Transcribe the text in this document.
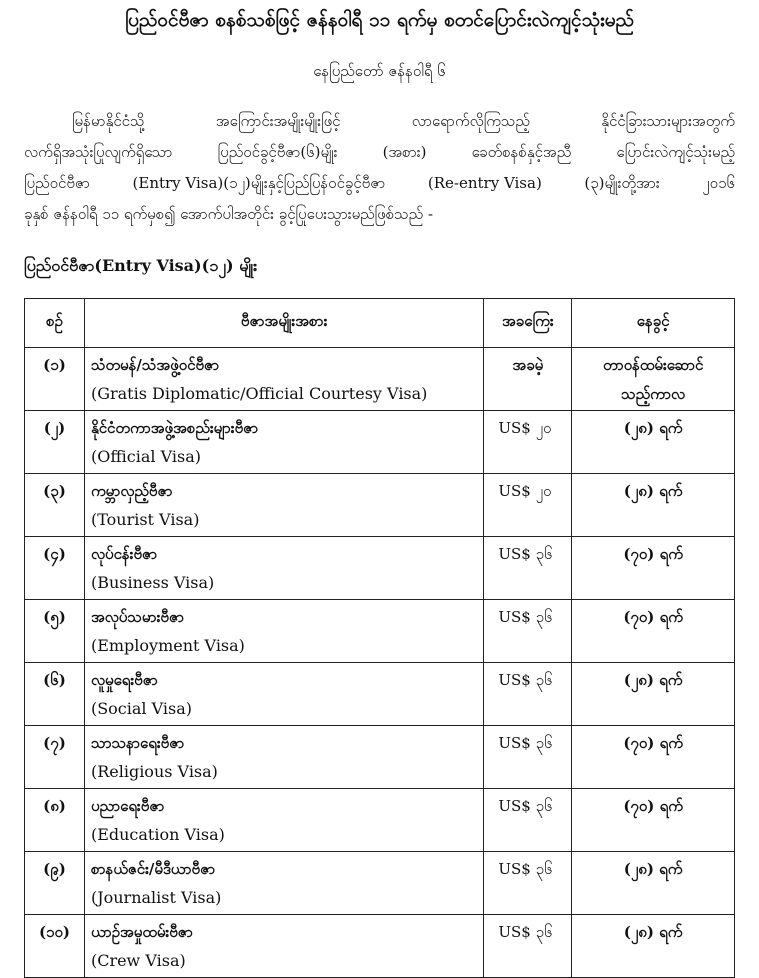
ပြည်ဝင်ဗီဇာ စနစ်သစ်ဖြင့် ဇန်နဝါရီ ၁၁ ရက်မှ စတင်ပြောင်းလဲကျင့်သုံးမည်
နေပြည်တော် ဇန်နဝါရီ ၆
မြန်မာနိုင်ငံသို့	အကြောင်းအမျိုးမျိုးဖြင့်	လာရောက်လိုကြသည့်	နိုင်ငံခြားသားများအတွက်
လက်ရှိအသုံးပြုလျက်ရှိသော	ပြည်ဝင်ခွင့်ဗီဇာ(၆)မျိုး	(အစား)	ခေတ်စနစ်နှင့်အညီ	ပြောင်းလဲကျင့်သုံးမည့်
ပြည်ဝင်ဗီဇာ	(Entry Visa)(၁၂)မျိုးနှင့်ပြည်ပြန်ဝင်ခွင့်ဗီဇာ	(Re-entry Visa)	(၃)မျိုးတို့အား	၂၀၁၆
ခုနှစ် ဇန်နဝါရီ ၁၁ ရက်မှစ၍ အောက်ပါအတိုင်း ခွင့်ပြုပေးသွားမည်ဖြစ်သည် -
ပြည်ဝင်ဗီဇာ(Entry Visa)(၁၂) မျိုး
စဉ်	ဗီဇာအမျိုးအစား	အခကြေး	နေခွင့်

(၁)	သံတမန်/သံအဖွဲ့ဝင်ဗီဇာ
(Gratis Diplomatic/Official Courtesy Visa)	အခမဲ့	တာဝန်ထမ်းဆောင်
သည့်ကာလ

(၂)	နိုင်ငံတကာအဖွဲ့အစည်းများဗီဇာ
(Official Visa)	US$ ၂၀	(၂၈) ရက်

(၃)	ကမ္ဘာလှည့်ဗီဇာ
(Tourist Visa)	US$ ၂၀	(၂၈) ရက်

(၄)	လုပ်ငန်းဗီဇာ
(Business Visa)	US$ ၃၆	(၇၀) ရက်

(၅)	အလုပ်သမားဗီဇာ
(Employment Visa)	US$ ၃၆	(၇၀) ရက်

(၆)	လူမှုရေးဗီဇာ
(Social Visa)	US$ ၃၆	(၂၈) ရက်

(၇)	သာသနာရေးဗီဇာ
(Religious Visa)	US$ ၃၆	(၇၀) ရက်

(၈)	ပညာရေးဗီဇာ
(Education Visa)	US$ ၃၆	(၇၀) ရက်

(၉)	စာနယ်ဇင်း/မီဒီယာဗီဇာ
(Journalist Visa)	US$ ၃၆	(၂၈) ရက်

(၁၀)	ယာဉ်အမှုထမ်းဗီဇာ
(Crew Visa)	US$ ၃၆	(၂၈) ရက်
